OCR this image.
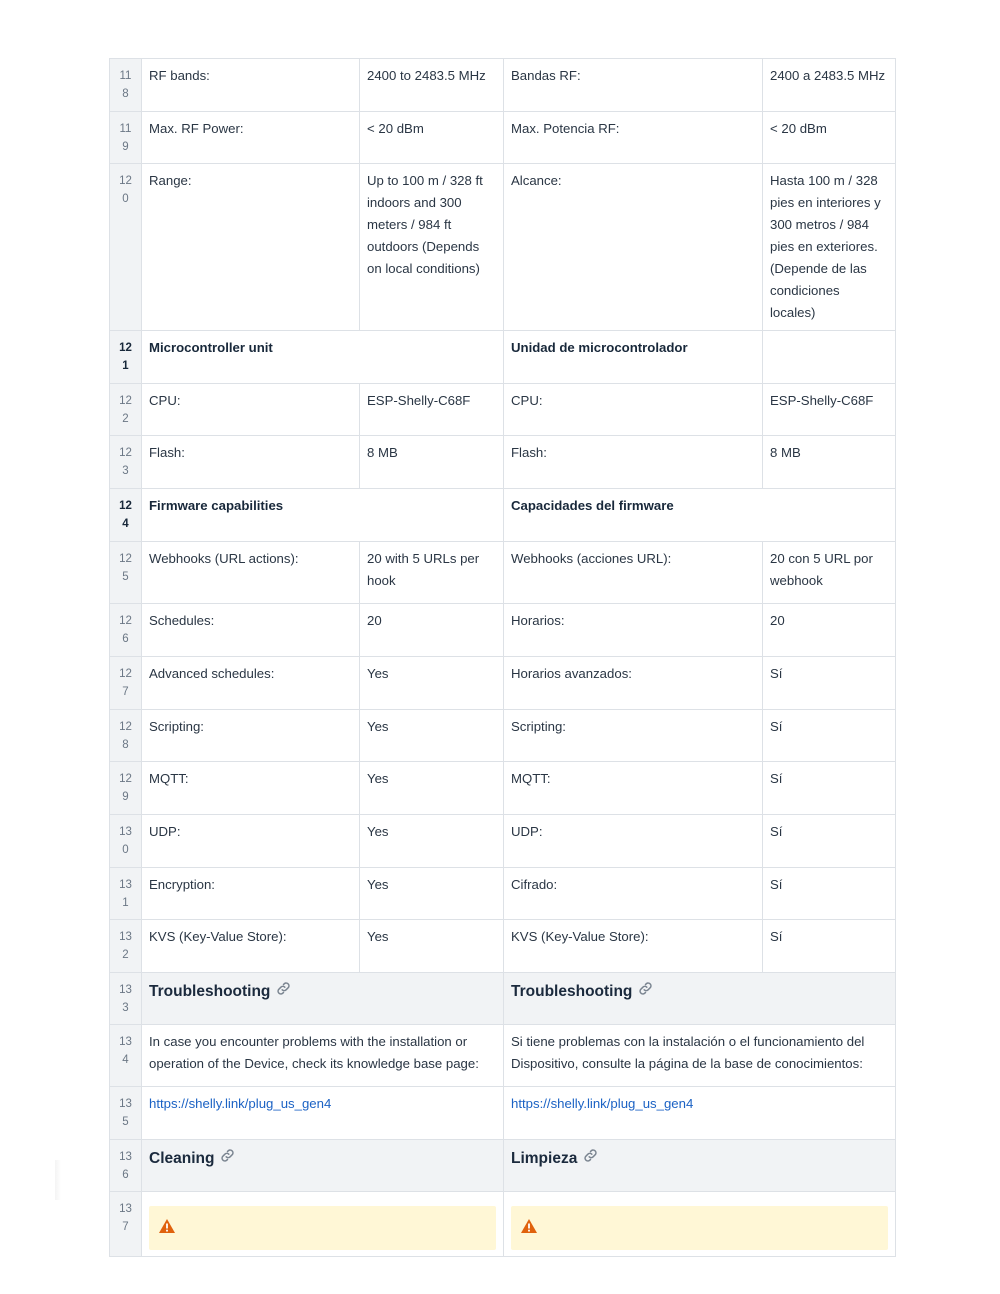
118	RF bands:	2400 to 2483.5 MHz	Bandas RF:	2400 a 2483.5 MHz

119	Max. RF Power:	< 20 dBm	Max. Potencia RF:	< 20 dBm

120	Range:	Up to 100 m / 328 ft indoors and 300 meters / 984 ft outdoors (Depends on local conditions)	Alcance:	Hasta 100 m / 328 pies en interiores y 300 metros / 984 pies en exteriores. (Depende de las condiciones locales)

121	Microcontroller unit		Unidad de microcontrolador	

122	CPU:	ESP-Shelly-C68F	CPU:	ESP-Shelly-C68F

123	Flash:	8 MB	Flash:	8 MB

124	Firmware capabilities		Capacidades del firmware	

125	Webhooks (URL actions):	20 with 5 URLs per hook	Webhooks (acciones URL):	20 con 5 URL por webhook

126	Schedules:	20	Horarios:	20

127	Advanced schedules:	Yes	Horarios avanzados:	Sí

128	Scripting:	Yes	Scripting:	Sí

129	MQTT:	Yes	MQTT:	Sí

130	UDP:	Yes	UDP:	Sí

131	Encryption:	Yes	Cifrado:	Sí

132	KVS (Key-Value Store):	Yes	KVS (Key-Value Store):	Sí

133	Troubleshooting		Troubleshooting	

134	In case you encounter problems with the installation or operation of the Device, check its knowledge base page:		Si tiene problemas con la instalación o el funcionamiento del Dispositivo, consulte la página de la base de conocimientos:	

135	https://shelly.link/plug_us_gen4		https://shelly.link/plug_us_gen4	

136	Cleaning		Limpieza	

137
